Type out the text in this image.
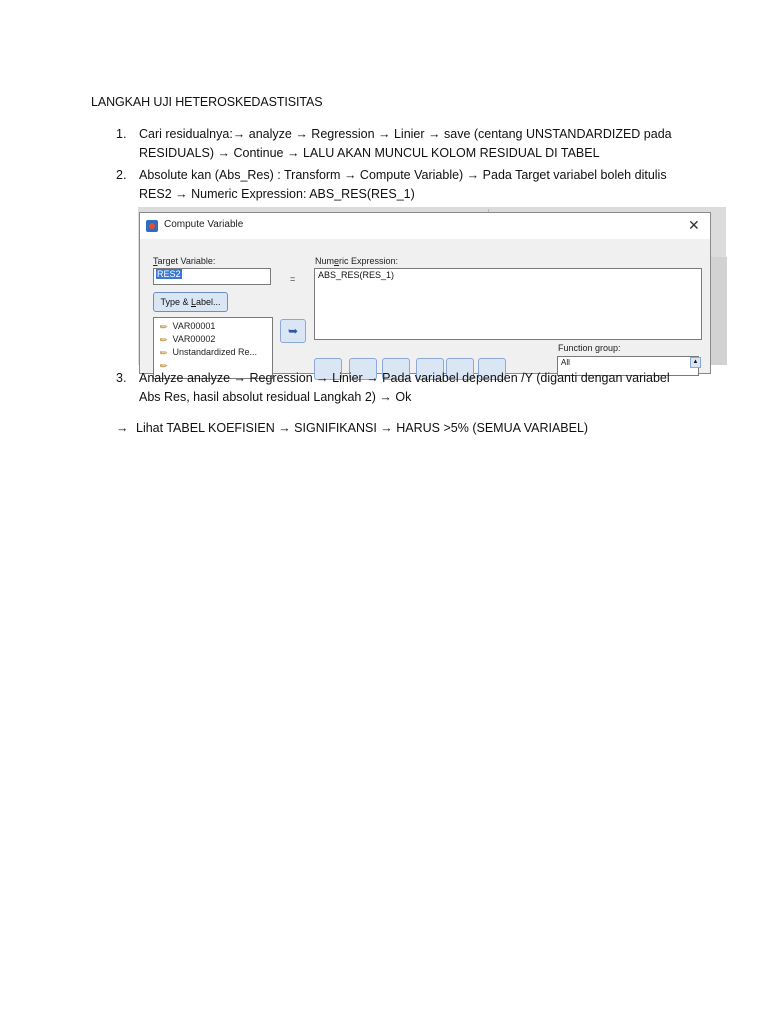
LANGKAH UJI HETEROSKEDASTISITAS
1.	Cari residualnya:→ analyze → Regression → Linier → save (centang UNSTANDARDIZED pada
RESIDUALS) → Continue → LALU AKAN MUNCUL KOLOM RESIDUAL DI TABEL
2.	Absolute kan (Abs_Res) : Transform → Compute Variable) → Pada Target variabel boleh ditulis
RES2 → Numeric Expression: ABS_RES(RES_1)
Compute Variable	✕
Target Variable:
RES2	=
Numeric Expression:
ABS_RES(RES_1)
Type & Label...
✎ VAR00001
✎ VAR00002
✎ Unstandardized Re...
✎
➥
Function group:
All	▲
3.	Analyze analyze → Regression → Linier → Pada variabel dependen /Y (diganti dengan variabel
Abs Res, hasil absolut residual Langkah 2) → Ok
→ Lihat TABEL KOEFISIEN → SIGNIFIKANSI → HARUS >5% (SEMUA VARIABEL)
